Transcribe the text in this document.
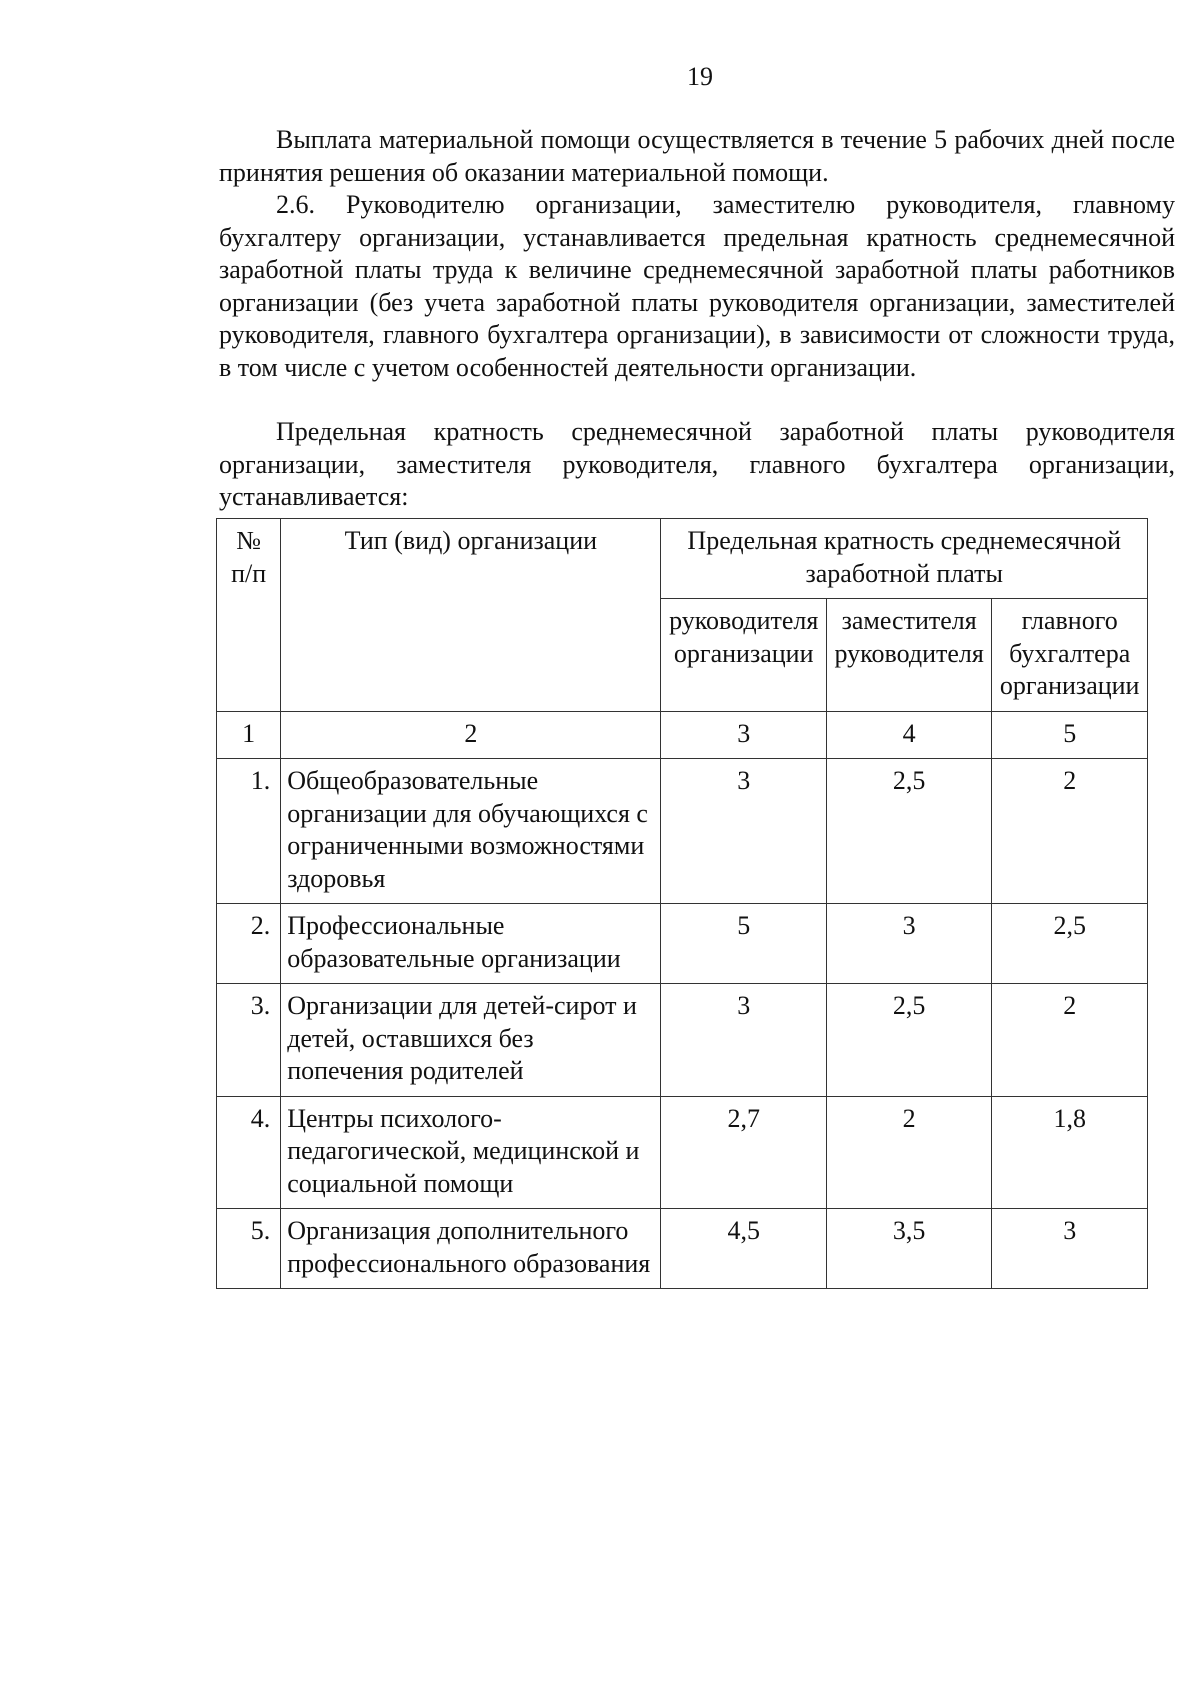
19

Выплата материальной помощи осуществляется в течение 5 рабочих дней после принятия решения об оказании материальной помощи.

2.6. Руководителю организации, заместителю руководителя, главному бухгалтеру организации, устанавливается предельная кратность среднемесячной заработной платы труда к величине среднемесячной заработной платы работников организации (без учета заработной платы руководителя организации, заместителей руководителя, главного бухгалтера организации), в зависимости от сложности труда, в том числе с учетом особенностей деятельности организации.

Предельная кратность среднемесячной заработной платы руководителя организации, заместителя руководителя, главного бухгалтера организации, устанавливается:

№ п/п	Тип (вид) организации	Предельная кратность среднемесячной заработной платы		
		руководителя организации	заместителя руководителя	главного бухгалтера организации
1	2	3	4	5
1.	Общеобразовательные организации для обучающихся с ограниченными возможностями здоровья	3	2,5	2
2.	Профессиональные образовательные организации	5	3	2,5
3.	Организации для детей-сирот и детей, оставшихся без попечения родителей	3	2,5	2
4.	Центры психолого-педагогической, медицинской и социальной помощи	2,7	2	1,8
5.	Организация дополнительного профессионального образования	4,5	3,5	3
